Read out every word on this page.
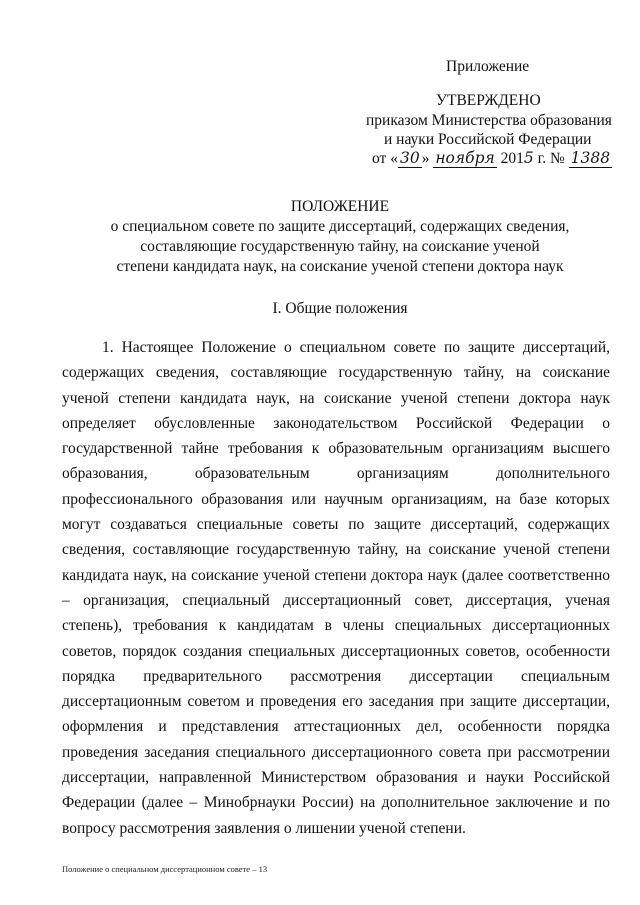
Приложение
УТВЕРЖДЕНО
приказом Министерства образования
и науки Российской Федерации
от « 30 » ноября 2015 г. № 1388
ПОЛОЖЕНИЕ
о специальном совете по защите диссертаций, содержащих сведения,
составляющие государственную тайну, на соискание ученой
степени кандидата наук, на соискание ученой степени доктора наук
I. Общие положения
1. Настоящее Положение о специальном совете по защите диссертаций, содержащих сведения, составляющие государственную тайну, на соискание ученой степени кандидата наук, на соискание ученой степени доктора наук определяет обусловленные законодательством Российской Федерации о государственной тайне требования к образовательным организациям высшего образования, образовательным организациям дополнительного профессионального образования или научным организациям, на базе которых могут создаваться специальные советы по защите диссертаций, содержащих сведения, составляющие государственную тайну, на соискание ученой степени кандидата наук, на соискание ученой степени доктора наук (далее соответственно – организация, специальный диссертационный совет, диссертация, ученая степень), требования к кандидатам в члены специальных диссертационных советов, порядок создания специальных диссертационных советов, особенности порядка предварительного рассмотрения диссертации специальным диссертационным советом и проведения его заседания при защите диссертации, оформления и представления аттестационных дел, особенности порядка проведения заседания специального диссертационного совета при рассмотрении диссертации, направленной Министерством образования и науки Российской Федерации (далее – Минобрнауки России) на дополнительное заключение и по вопросу рассмотрения заявления о лишении ученой степени.
Положение о специальном диссертационном совете – 13
